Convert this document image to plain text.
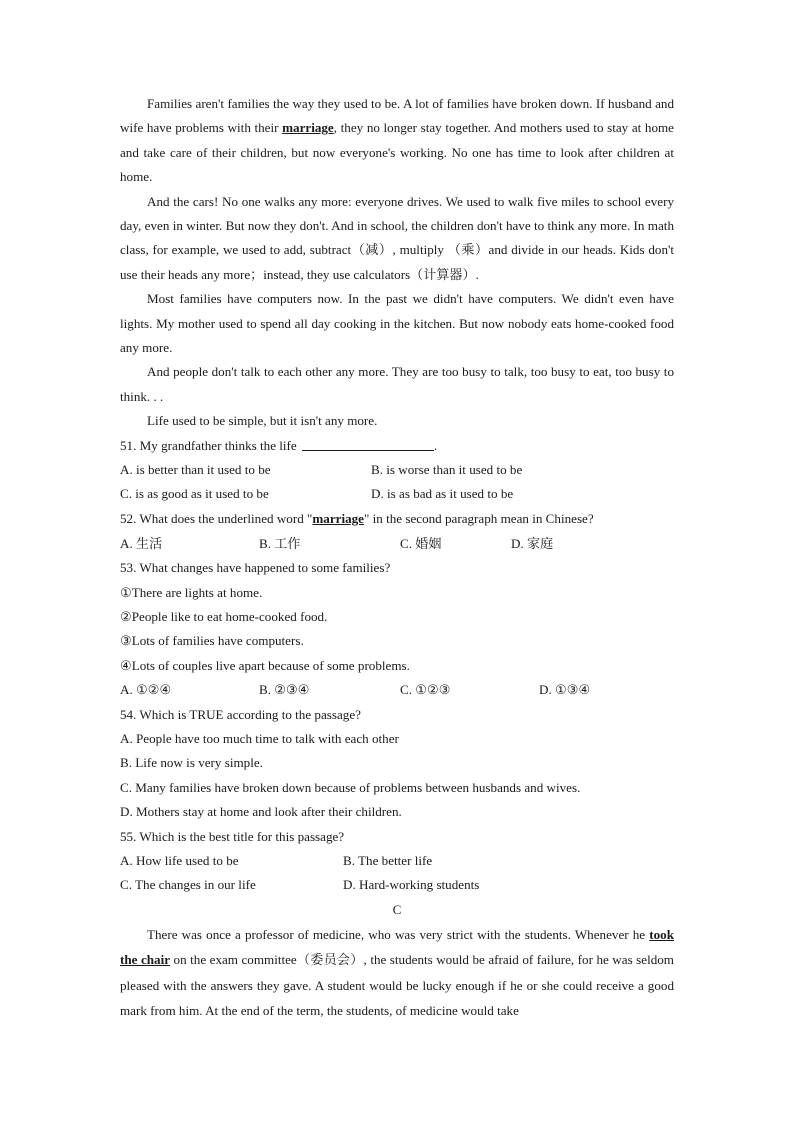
Families aren't families the way they used to be. A lot of families have broken down. If husband and wife have problems with their marriage, they no longer stay together. And mothers used to stay at home and take care of their children, but now everyone's working. No one has time to look after children at home.

And the cars! No one walks any more: everyone drives. We used to walk five miles to school every day, even in winter. But now they don't. And in school, the children don't have to think any more. In math class, for example, we used to add, subtract（减）, multiply （乘）and divide in our heads. Kids don't use their heads any more；instead, they use calculators（计算器）.

Most families have computers now. In the past we didn't have computers. We didn't even have lights. My mother used to spend all day cooking in the kitchen. But now nobody eats home-cooked food any more.

And people don't talk to each other any more. They are too busy to talk, too busy to eat, too busy to think. . .

Life used to be simple, but it isn't any more.

51. My grandfather thinks the life	.
A. is better than it used to be	B. is worse than it used to be
C. is as good as it used to be	D. is as bad as it used to be
52. What does the underlined word "marriage" in the second paragraph mean in Chinese?
A. 生活	B. 工作	C. 婚姻	D. 家庭
53. What changes have happened to some families?
①There are lights at home.
②People like to eat home-cooked food.
③Lots of families have computers.
④Lots of couples live apart because of some problems.
A. ①②④	B. ②③④	C. ①②③	D. ①③④
54. Which is TRUE according to the passage?
A. People have too much time to talk with each other
B. Life now is very simple.
C. Many families have broken down because of problems between husbands and wives.
D. Mothers stay at home and look after their children.
55. Which is the best title for this passage?
A. How life used to be	B. The better life
C. The changes in our life	D. Hard-working students
C

There was once a professor of medicine, who was very strict with the students. Whenever he took the chair on the exam committee（委员会）, the students would be afraid of failure, for he was seldom pleased with the answers they gave. A student would be lucky enough if he or she could receive a good mark from him. At the end of the term, the students, of medicine would take
